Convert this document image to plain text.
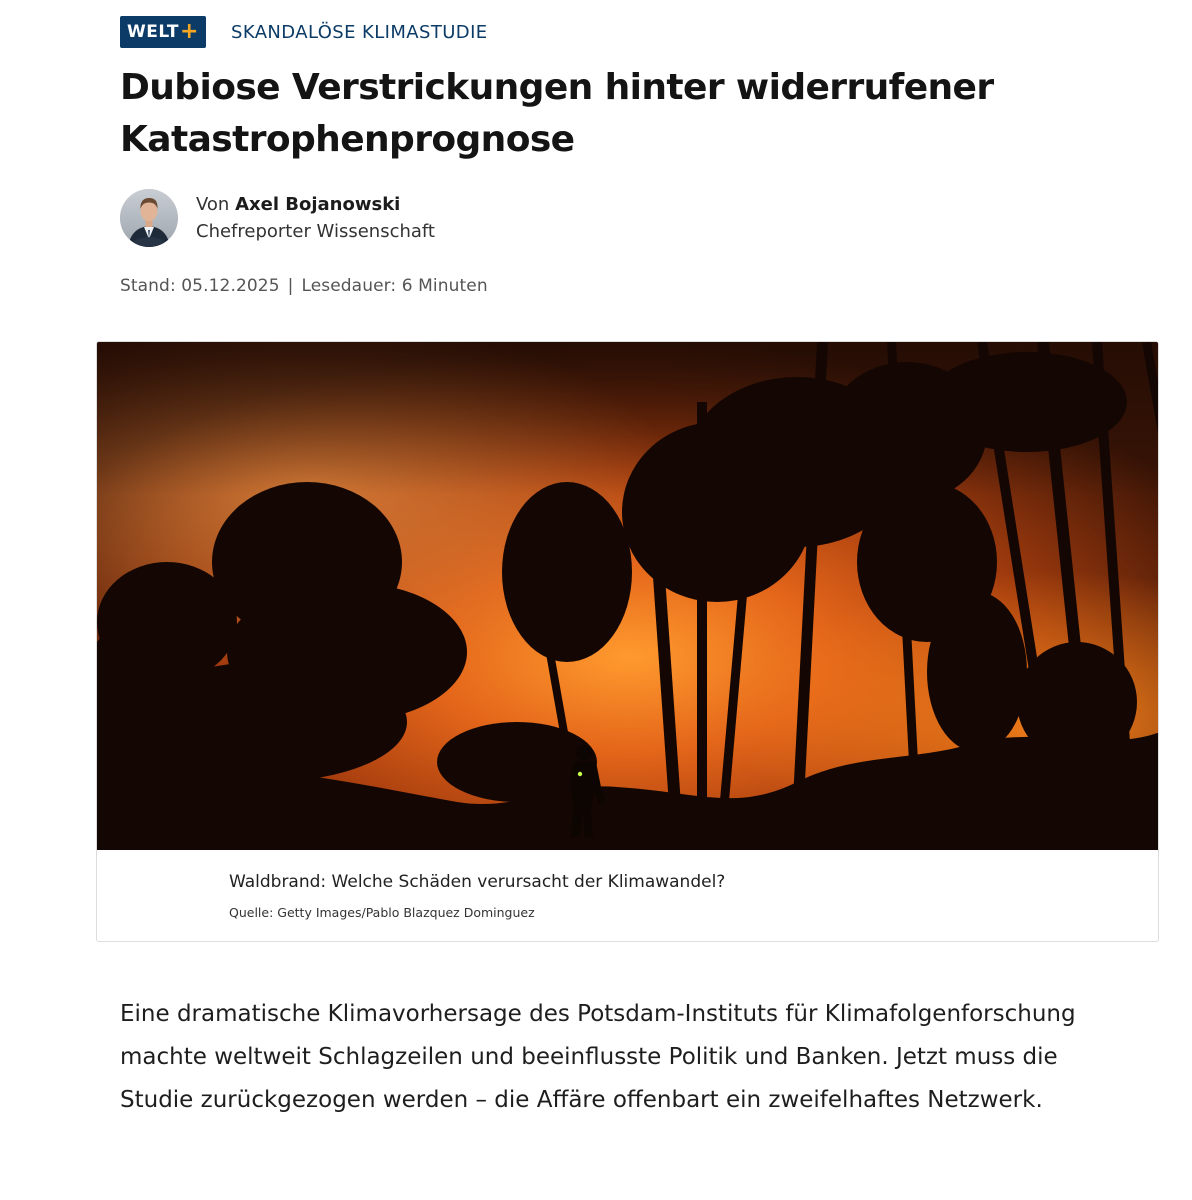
WELT + SKANDALÖSE KLIMASTUDIE
Dubiose Verstrickungen hinter widerrufener Katastrophenprognose
Von Axel Bojanowski
Chefreporter Wissenschaft
Stand: 05.12.2025 | Lesedauer: 6 Minuten
Waldbrand: Welche Schäden verursacht der Klimawandel?
Quelle: Getty Images/Pablo Blazquez Dominguez

Eine dramatische Klimavorhersage des Potsdam-Instituts für Klimafolgenforschung machte weltweit Schlagzeilen und beeinflusste Politik und Banken. Jetzt muss die Studie zurückgezogen werden – die Affäre offenbart ein zweifelhaftes Netzwerk.
